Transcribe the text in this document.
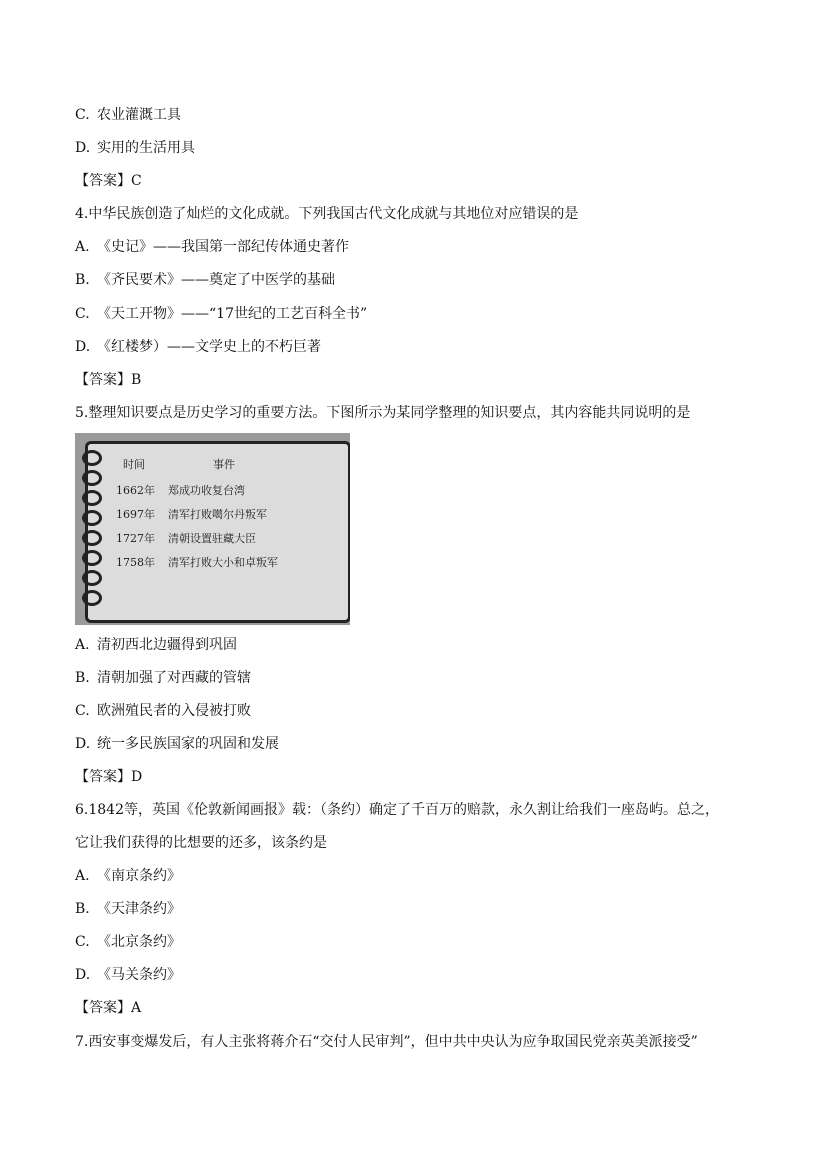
C. 农业灌溉工具
D. 实用的生活用具
【答案】C
4.中华民族创造了灿烂的文化成就。下列我国古代文化成就与其地位对应错误的是
A. 《史记》——我国第一部纪传体通史著作
B. 《齐民要术》——奠定了中医学的基础
C. 《天工开物》——“17世纪的工艺百科全书”
D. 《红楼梦）——文学史上的不朽巨著
【答案】B
5.整理知识要点是历史学习的重要方法。下图所示为某同学整理的知识要点，其内容能共同说明的是
时间	事件
1662年 郑成功收复台湾
1697年 清军打败噶尔丹叛军
1727年 清朝设置驻藏大臣
1758年 清军打败大小和卓叛军
A. 清初西北边疆得到巩固
B. 清朝加强了对西藏的管辖
C. 欧洲殖民者的入侵被打败
D. 统一多民族国家的巩固和发展
【答案】D
6.1842等，英国《伦敦新闻画报》载：（条约）确定了千百万的赔款，永久割让给我们一座岛屿。总之，
它让我们获得的比想要的还多，该条约是
A. 《南京条约》
B. 《天津条约》
C. 《北京条约》
D. 《马关条约》
【答案】A
7.西安事变爆发后，有人主张将蒋介石“交付人民审判”，但中共中央认为应争取国民党亲英美派接受”
